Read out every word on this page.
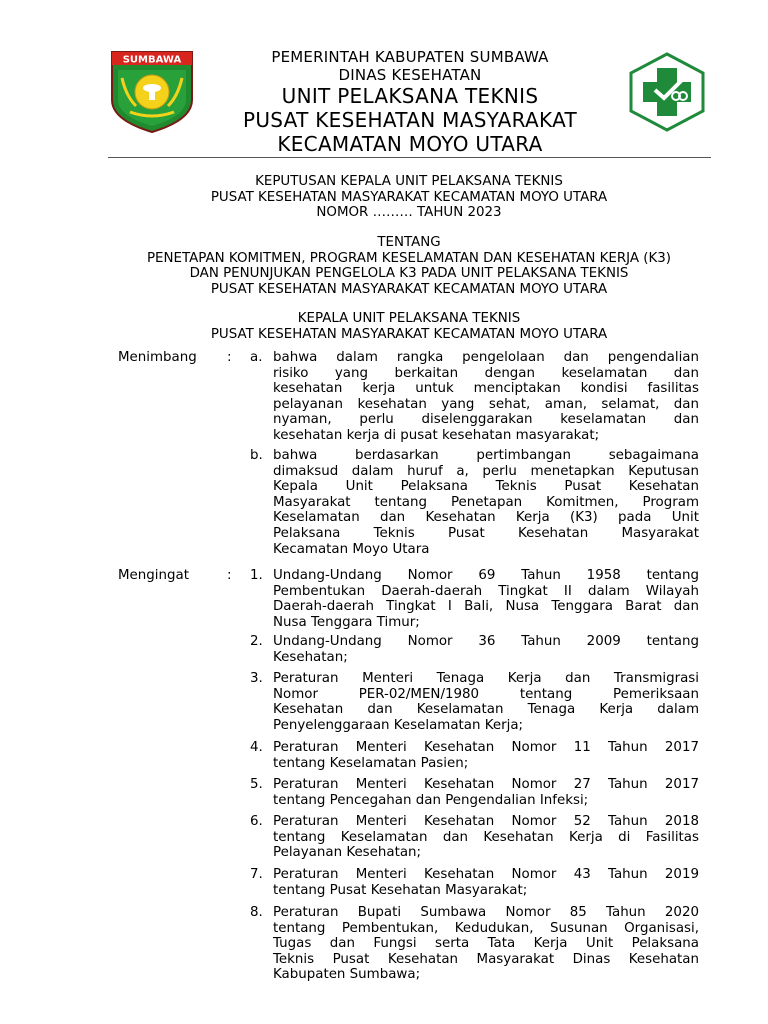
SUMBAWA	PEMERINTAH KABUPATEN SUMBAWA
DINAS KESEHATAN
UNIT PELAKSANA TEKNIS
PUSAT KESEHATAN MASYARAKAT
KECAMATAN MOYO UTARA
KEPUTUSAN KEPALA UNIT PELAKSANA TEKNIS
PUSAT KESEHATAN MASYARAKAT KECAMATAN MOYO UTARA
NOMOR ……… TAHUN 2023
TENTANG
PENETAPAN KOMITMEN, PROGRAM KESELAMATAN DAN KESEHATAN KERJA (K3)
DAN PENUNJUKAN PENGELOLA K3 PADA UNIT PELAKSANA TEKNIS
PUSAT KESEHATAN MASYARAKAT KECAMATAN MOYO UTARA
KEPALA UNIT PELAKSANA TEKNIS
PUSAT KESEHATAN MASYARAKAT KECAMATAN MOYO UTARA
Menimbang : a. bahwa dalam rangka pengelolaan dan pengendalian
risiko yang berkaitan dengan keselamatan dan
kesehatan kerja untuk menciptakan kondisi fasilitas
pelayanan kesehatan yang sehat, aman, selamat, dan
nyaman, perlu diselenggarakan keselamatan dan
kesehatan kerja di pusat kesehatan masyarakat;
b. bahwa berdasarkan pertimbangan sebagaimana
dimaksud dalam huruf a, perlu menetapkan Keputusan
Kepala Unit Pelaksana Teknis Pusat Kesehatan
Masyarakat tentang Penetapan Komitmen, Program
Keselamatan dan Kesehatan Kerja (K3) pada Unit
Pelaksana Teknis Pusat Kesehatan Masyarakat
Kecamatan Moyo Utara
Mengingat	: 1. Undang-Undang Nomor 69 Tahun 1958 tentang
Pembentukan Daerah-daerah Tingkat II dalam Wilayah
Daerah-daerah Tingkat I Bali, Nusa Tenggara Barat dan
Nusa Tenggara Timur;
2. Undang-Undang Nomor 36 Tahun 2009 tentang
Kesehatan;
3. Peraturan Menteri Tenaga Kerja dan Transmigrasi
Nomor PER-02/MEN/1980 tentang Pemeriksaan
Kesehatan dan Keselamatan Tenaga Kerja dalam
Penyelenggaraan Keselamatan Kerja;
4. Peraturan Menteri Kesehatan Nomor 11 Tahun 2017
tentang Keselamatan Pasien;
5. Peraturan Menteri Kesehatan Nomor 27 Tahun 2017
tentang Pencegahan dan Pengendalian Infeksi;
6. Peraturan Menteri Kesehatan Nomor 52 Tahun 2018
tentang Keselamatan dan Kesehatan Kerja di Fasilitas
Pelayanan Kesehatan;
7. Peraturan Menteri Kesehatan Nomor 43 Tahun 2019
tentang Pusat Kesehatan Masyarakat;
8. Peraturan Bupati Sumbawa Nomor 85 Tahun 2020
tentang Pembentukan, Kedudukan, Susunan Organisasi,
Tugas dan Fungsi serta Tata Kerja Unit Pelaksana
Teknis Pusat Kesehatan Masyarakat Dinas Kesehatan
Kabupaten Sumbawa;
